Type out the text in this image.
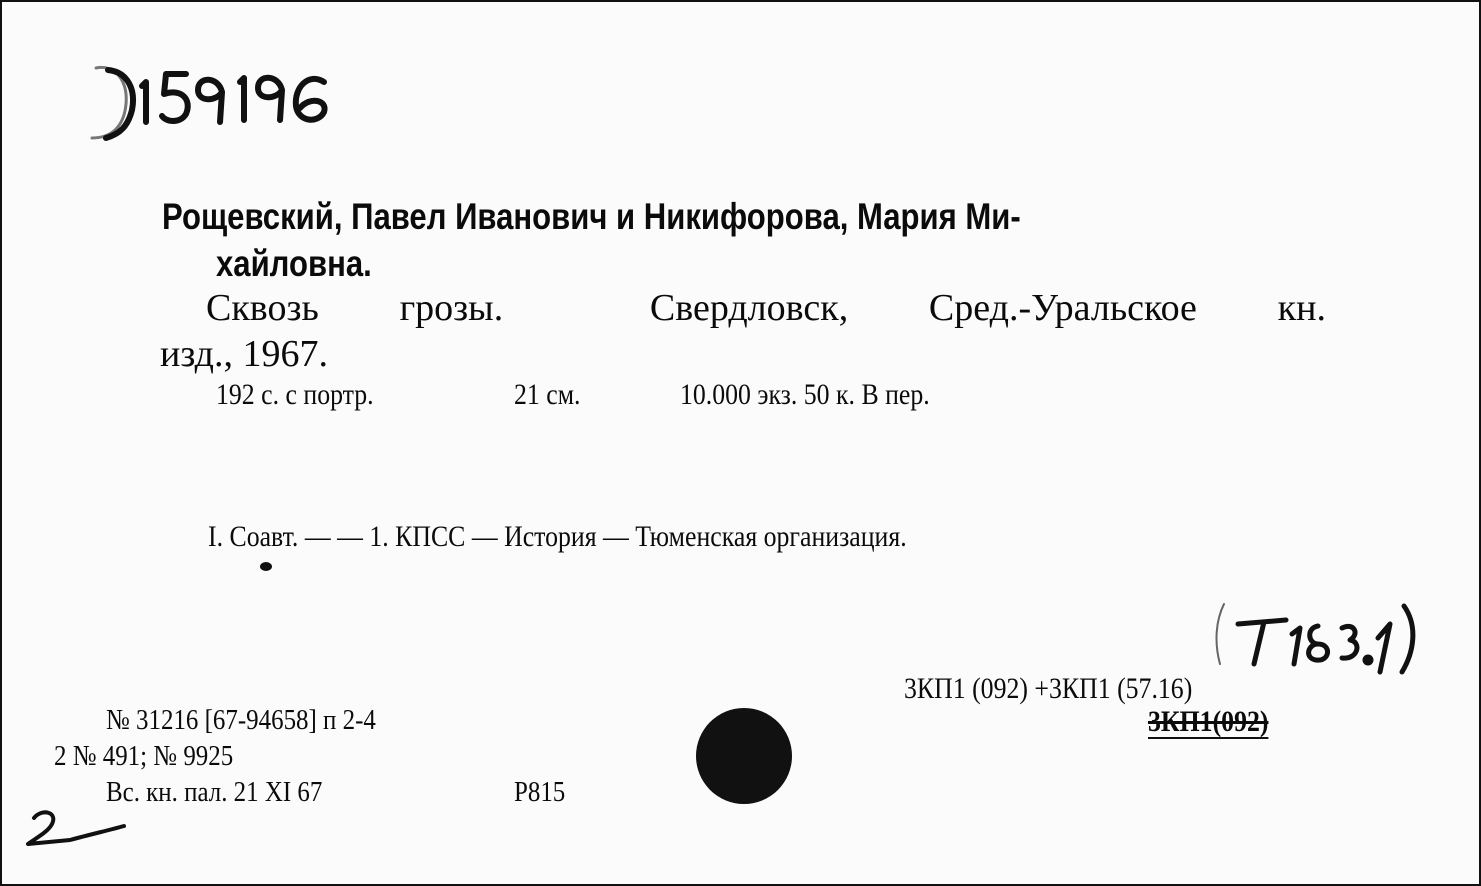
Рощевский, Павел Иванович и Никифорова, Мария Ми-
хайловна.
Сквозь грозы.	Свердловск, Сред.-Уральское кн.
изд., 1967.
192 с. с портр.	21 см.	10.000 экз. 50 к. В пер.
I. Соавт. — — 1. КПСС — История — Тюменская организация.
3КП1 (092) +3КП1 (57.16)
3КП1(092)
№ 31216 [67-94658] п 2-4
2 № 491; № 9925
Вс. кн. пал. 21 XI 67	Р815
